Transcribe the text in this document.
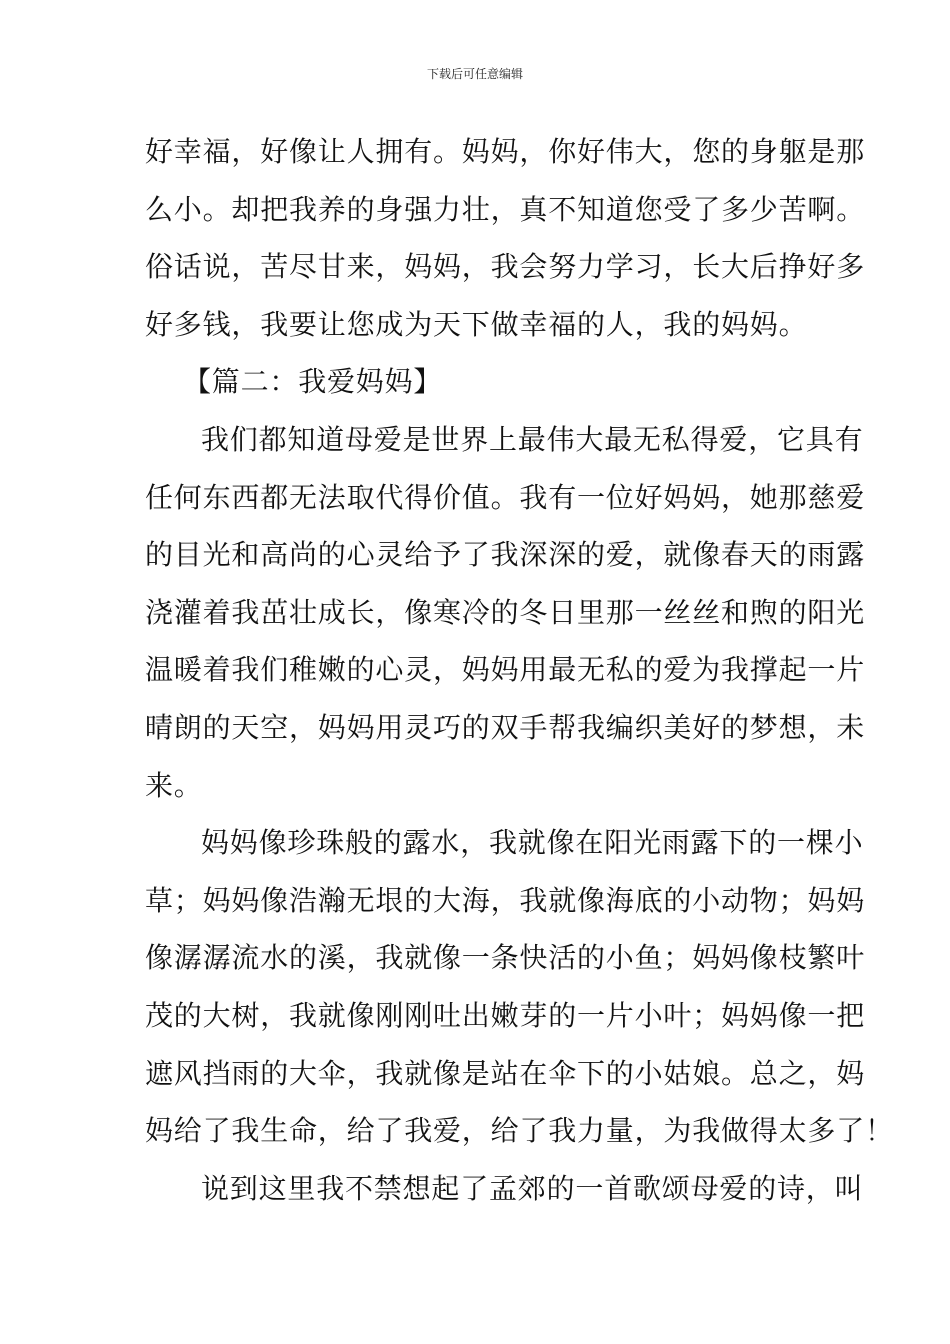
下载后可任意编辑
好幸福，好像让人拥有。妈妈，你好伟大，您的身躯是那
么小。却把我养的身强力壮，真不知道您受了多少苦啊。
俗话说，苦尽甘来，妈妈，我会努力学习，长大后挣好多
好多钱，我要让您成为天下做幸福的人，我的妈妈。
【篇二：我爱妈妈】
我们都知道母爱是世界上最伟大最无私得爱，它具有
任何东西都无法取代得价值。我有一位好妈妈，她那慈爱
的目光和高尚的心灵给予了我深深的爱，就像春天的雨露
浇灌着我茁壮成长，像寒冷的冬日里那一丝丝和煦的阳光
温暖着我们稚嫩的心灵，妈妈用最无私的爱为我撑起一片
晴朗的天空，妈妈用灵巧的双手帮我编织美好的梦想，未
来。
妈妈像珍珠般的露水，我就像在阳光雨露下的一棵小
草；妈妈像浩瀚无垠的大海，我就像海底的小动物；妈妈
像潺潺流水的溪，我就像一条快活的小鱼；妈妈像枝繁叶
茂的大树，我就像刚刚吐出嫩芽的一片小叶；妈妈像一把
遮风挡雨的大伞，我就像是站在伞下的小姑娘。总之，妈
妈给了我生命，给了我爱，给了我力量，为我做得太多了！
说到这里我不禁想起了孟郊的一首歌颂母爱的诗，叫
